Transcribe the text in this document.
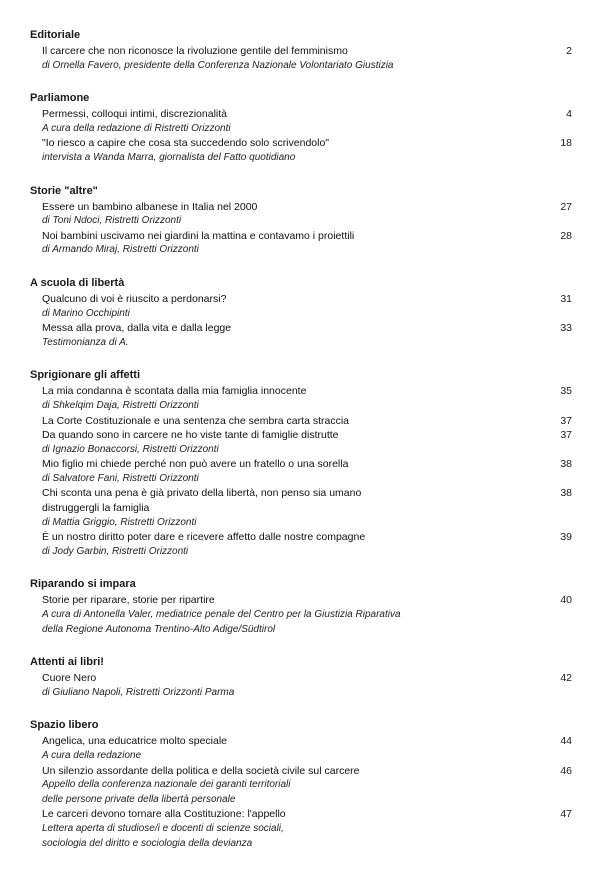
Editoriale
Il carcere che non riconosce la rivoluzione gentile del femminismo
di Ornella Favero, presidente della Conferenza Nazionale Volontariato Giustizia
2
Parliamone
Permessi, colloqui intimi, discrezionalità
A cura della redazione di Ristretti Orizzonti
4
"Io riesco a capire che cosa sta succedendo solo scrivendolo"
intervista a Wanda Marra, giornalista del Fatto quotidiano
18
Storie "altre"
Essere un bambino albanese in Italia nel 2000
di Toni Ndoci, Ristretti Orizzonti
27
Noi bambini uscivamo nei giardini la mattina e contavamo i proiettili
di Armando Miraj, Ristretti Orizzonti
28
A scuola di libertà
Qualcuno di voi è riuscito a perdonarsi?
di Marino Occhipinti
31
Messa alla prova, dalla vita e dalla legge
Testimonianza di A.
33
Sprigionare gli affetti
La mia condanna è scontata dalla mia famiglia innocente
di Shkelqim Daja, Ristretti Orizzonti
35
La Corte Costituzionale e una sentenza che sembra carta straccia	37
Da quando sono in carcere ne ho viste tante di famiglie distrutte
di Ignazio Bonaccorsi, Ristretti Orizzonti
37
Mio figlio mi chiede perché non può avere un fratello o una sorella
di Salvatore Fani, Ristretti Orizzonti
38
Chi sconta una pena è già privato della libertà, non penso sia umano
distruggergli la famiglia
di Mattia Griggio, Ristretti Orizzonti
38
È un nostro diritto poter dare e ricevere affetto dalle nostre compagne
di Jody Garbin, Ristretti Orizzonti
39
Riparando si impara
Storie per riparare, storie per ripartire
A cura di Antonella Valer, mediatrice penale del Centro per la Giustizia Riparativa
della Regione Autonoma Trentino-Alto Adige/Südtirol
40
Attenti ai libri!
Cuore Nero
di Giuliano Napoli, Ristretti Orizzonti Parma
42
Spazio libero
Angelica, una educatrice molto speciale
A cura della redazione
44
Un silenzio assordante della politica e della società civile sul carcere
Appello della conferenza nazionale dei garanti territoriali
delle persone private della libertà personale
46
Le carceri devono tornare alla Costituzione: l'appello
Lettera aperta di studiose/i e docenti di scienze sociali,
sociologia del diritto e sociologia della devianza
47
